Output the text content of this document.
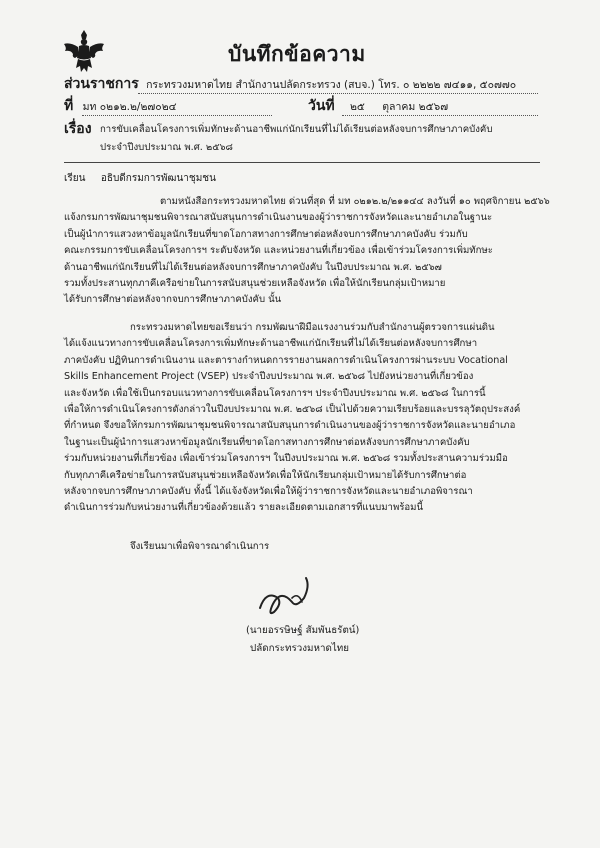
บันทึกข้อความ
ส่วนราชการ กระทรวงมหาดไทย สำนักงานปลัดกระทรวง (สบจ.) โทร. ๐ ๒๒๒๒ ๗๔๑๑, ๕๐๗๗๐
ที่ มท ๐๒๑๒.๒/๒๗๐๒๔	วันที่ ๒๕ ตุลาคม ๒๕๖๗
เรื่อง การขับเคลื่อนโครงการเพิ่มทักษะด้านอาชีพแก่นักเรียนที่ไม่ได้เรียนต่อหลังจบการศึกษาภาคบังคับ
ประจำปีงบประมาณ พ.ศ. ๒๕๖๘
เรียน อธิบดีกรมการพัฒนาชุมชน
ตามหนังสือกระทรวงมหาดไทย ด่วนที่สุด ที่ มท ๐๒๑๒.๒/๒๑๑๔๔ ลงวันที่ ๑๐ พฤศจิกายน ๒๕๖๖
แจ้งกรมการพัฒนาชุมชนพิจารณาสนับสนุนการดำเนินงานของผู้ว่าราชการจังหวัดและนายอำเภอในฐานะ
เป็นผู้นำการแสวงหาข้อมูลนักเรียนที่ขาดโอกาสทางการศึกษาต่อหลังจบการศึกษาภาคบังคับ ร่วมกับ
คณะกรรมการขับเคลื่อนโครงการฯ ระดับจังหวัด และหน่วยงานที่เกี่ยวข้อง เพื่อเข้าร่วมโครงการเพิ่มทักษะ
ด้านอาชีพแก่นักเรียนที่ไม่ได้เรียนต่อหลังจบการศึกษาภาคบังคับ ในปีงบประมาณ พ.ศ. ๒๕๖๗
รวมทั้งประสานทุกภาคีเครือข่ายในการสนับสนุนช่วยเหลือจังหวัด เพื่อให้นักเรียนกลุ่มเป้าหมาย
ได้รับการศึกษาต่อหลังจากจบการศึกษาภาคบังคับ นั้น
กระทรวงมหาดไทยขอเรียนว่า กรมพัฒนาฝีมือแรงงานร่วมกับสำนักงานผู้ตรวจการแผ่นดิน
ได้แจ้งแนวทางการขับเคลื่อนโครงการเพิ่มทักษะด้านอาชีพแก่นักเรียนที่ไม่ได้เรียนต่อหลังจบการศึกษา
ภาคบังคับ ปฏิทินการดำเนินงาน และตารางกำหนดการรายงานผลการดำเนินโครงการผ่านระบบ Vocational
Skills Enhancement Project (VSEP) ประจำปีงบประมาณ พ.ศ. ๒๕๖๘ ไปยังหน่วยงานที่เกี่ยวข้อง
และจังหวัด เพื่อใช้เป็นกรอบแนวทางการขับเคลื่อนโครงการฯ ประจำปีงบประมาณ พ.ศ. ๒๕๖๘ ในการนี้
เพื่อให้การดำเนินโครงการดังกล่าวในปีงบประมาณ พ.ศ. ๒๕๖๘ เป็นไปด้วยความเรียบร้อยและบรรลุวัตถุประสงค์
ที่กำหนด จึงขอให้กรมการพัฒนาชุมชนพิจารณาสนับสนุนการดำเนินงานของผู้ว่าราชการจังหวัดและนายอำเภอ
ในฐานะเป็นผู้นำการแสวงหาข้อมูลนักเรียนที่ขาดโอกาสทางการศึกษาต่อหลังจบการศึกษาภาคบังคับ
ร่วมกับหน่วยงานที่เกี่ยวข้อง เพื่อเข้าร่วมโครงการฯ ในปีงบประมาณ พ.ศ. ๒๕๖๘ รวมทั้งประสานความร่วมมือ
กับทุกภาคีเครือข่ายในการสนับสนุนช่วยเหลือจังหวัดเพื่อให้นักเรียนกลุ่มเป้าหมายได้รับการศึกษาต่อ
หลังจากจบการศึกษาภาคบังคับ ทั้งนี้ ได้แจ้งจังหวัดเพื่อให้ผู้ว่าราชการจังหวัดและนายอำเภอพิจารณา
ดำเนินการร่วมกับหน่วยงานที่เกี่ยวข้องด้วยแล้ว รายละเอียดตามเอกสารที่แนบมาพร้อมนี้
จึงเรียนมาเพื่อพิจารณาดำเนินการ
(นายอรรษิษฐ์ สัมพันธรัตน์)
ปลัดกระทรวงมหาดไทย
